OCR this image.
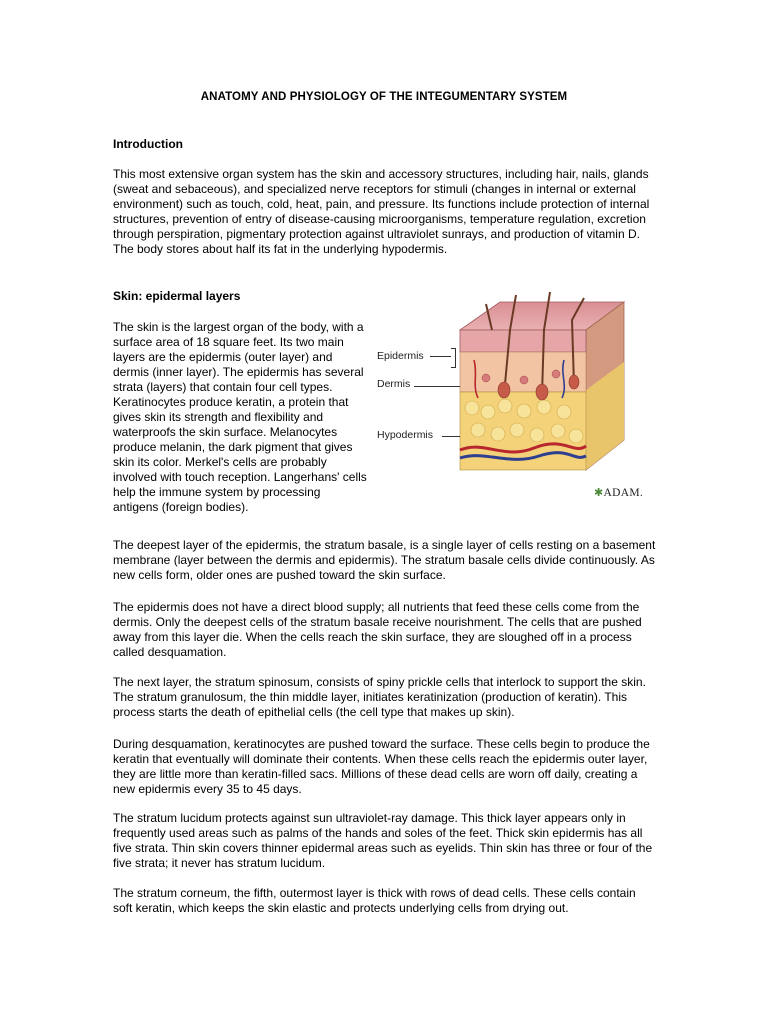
ANATOMY AND PHYSIOLOGY OF THE INTEGUMENTARY SYSTEM
Introduction
This most extensive organ system has the skin and accessory structures, including hair, nails, glands (sweat and sebaceous), and specialized nerve receptors for stimuli (changes in internal or external environment) such as touch, cold, heat, pain, and pressure. Its functions include protection of internal structures, prevention of entry of disease-causing microorganisms, temperature regulation, excretion through perspiration, pigmentary protection against ultraviolet sunrays, and production of vitamin D. The body stores about half its fat in the underlying hypodermis.
Skin: epidermal layers
The skin is the largest organ of the body, with a surface area of 18 square feet. Its two main layers are the epidermis (outer layer) and dermis (inner layer). The epidermis has several strata (layers) that contain four cell types. Keratinocytes produce keratin, a protein that gives skin its strength and flexibility and waterproofs the skin surface. Melanocytes produce melanin, the dark pigment that gives skin its color. Merkel's cells are probably involved with touch reception. Langerhans' cells help the immune system by processing antigens (foreign bodies).
Epidermis
Dermis
Hypodermis
✱ADAM.
The deepest layer of the epidermis, the stratum basale, is a single layer of cells resting on a basement membrane (layer between the dermis and epidermis). The stratum basale cells divide continuously. As new cells form, older ones are pushed toward the skin surface.
The epidermis does not have a direct blood supply; all nutrients that feed these cells come from the dermis. Only the deepest cells of the stratum basale receive nourishment. The cells that are pushed away from this layer die. When the cells reach the skin surface, they are sloughed off in a process called desquamation.
The next layer, the stratum spinosum, consists of spiny prickle cells that interlock to support the skin. The stratum granulosum, the thin middle layer, initiates keratinization (production of keratin). This process starts the death of epithelial cells (the cell type that makes up skin).
During desquamation, keratinocytes are pushed toward the surface. These cells begin to produce the keratin that eventually will dominate their contents. When these cells reach the epidermis outer layer, they are little more than keratin-filled sacs. Millions of these dead cells are worn off daily, creating a new epidermis every 35 to 45 days.
The stratum lucidum protects against sun ultraviolet-ray damage. This thick layer appears only in frequently used areas such as palms of the hands and soles of the feet. Thick skin epidermis has all five strata. Thin skin covers thinner epidermal areas such as eyelids. Thin skin has three or four of the five strata; it never has stratum lucidum.
The stratum corneum, the fifth, outermost layer is thick with rows of dead cells. These cells contain soft keratin, which keeps the skin elastic and protects underlying cells from drying out.
